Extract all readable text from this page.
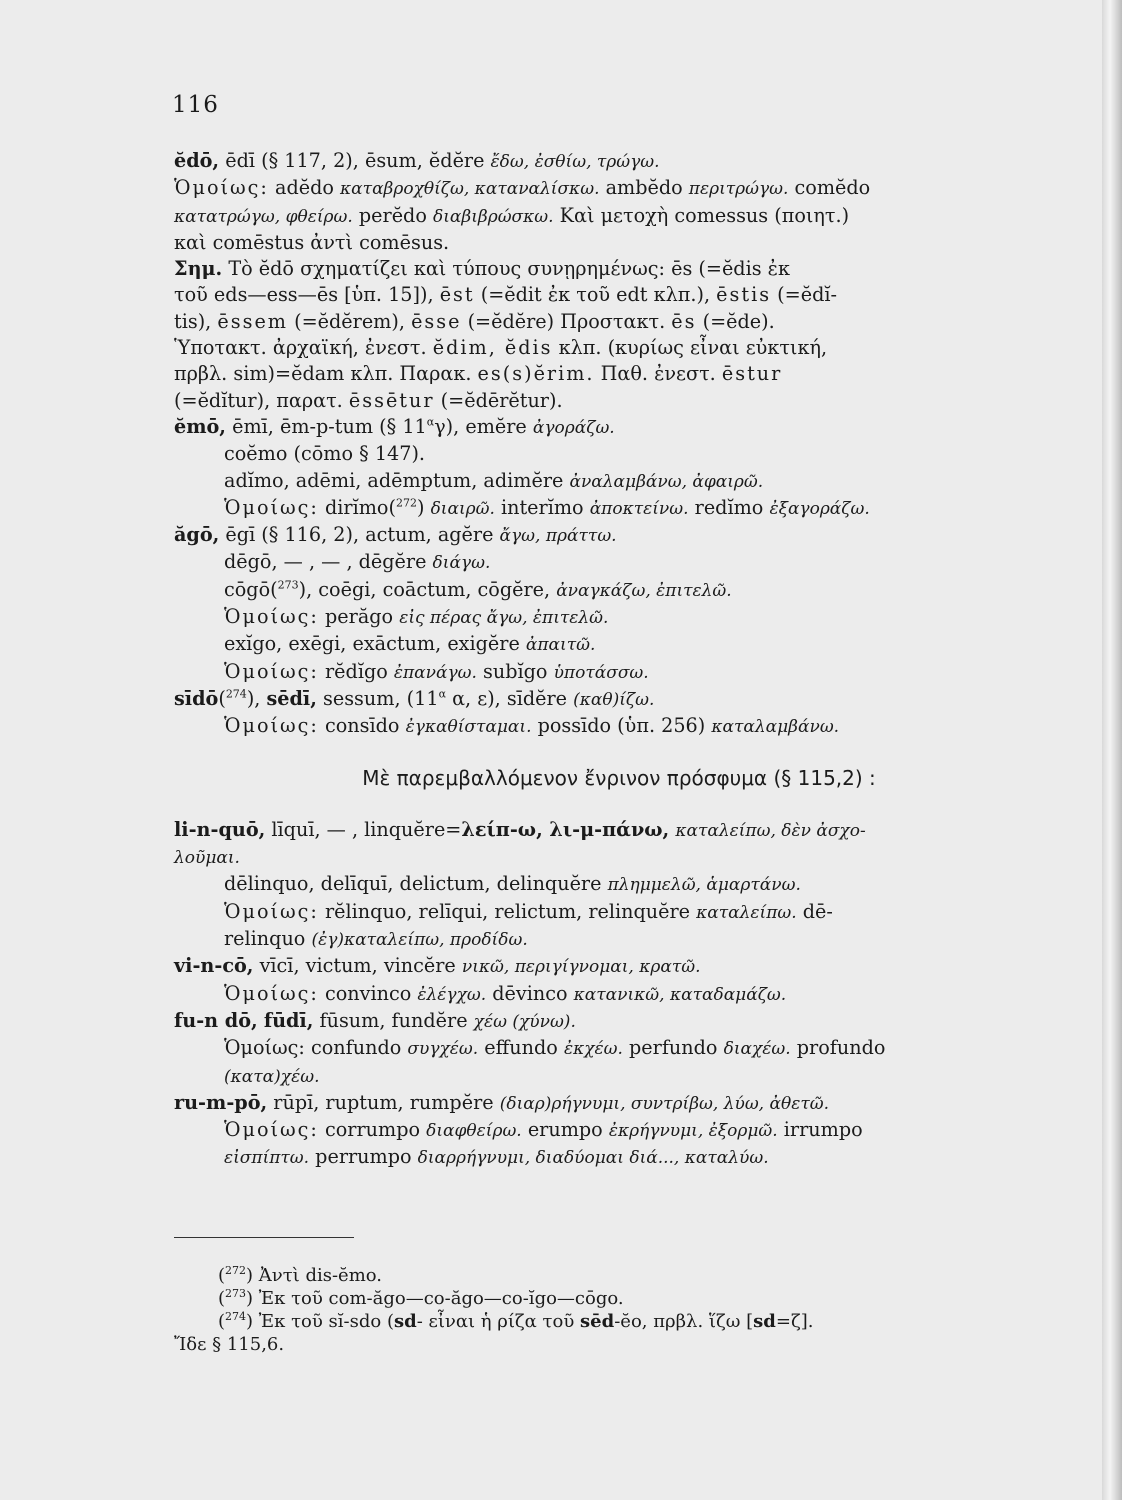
116
ĕdō, ēdī (§ 117, 2), ēsum, ĕdĕre ἔδω, ἐσθίω, τρώγω.
Ὁμοίως: adĕdo καταβροχθίζω, καταναλίσκω. ambĕdo περιτρώγω. comĕdo
κατατρώγω, φθείρω. perĕdo διαβιβρώσκω. Καὶ μετοχὴ comessus (ποιητ.)
καὶ comēstus ἀντὶ comēsus.
Σημ. Τὸ ĕdō σχηματίζει καὶ τύπους συνῃρημένως: ēs (=ĕdis ἐκ
τοῦ eds—ess—ēs [ὑπ. 15]), ēst (=ĕdit ἐκ τοῦ edt κλπ.), ēstis (=ĕdĭ-
tis), ēssem (=ĕdĕrem), ēsse (=ĕdĕre) Προστακτ. ēs (=ĕde).
Ὑποτακτ. ἀρχαϊκή, ἐνεστ. ĕdim, ĕdis κλπ. (κυρίως εἶναι εὐκτική,
πρβλ. sim)=ĕdam κλπ. Παρακ. es(s)ĕrim. Παθ. ἐνεστ. ēstur
(=ĕdĭtur), παρατ. ēssētur (=ĕdērĕtur).
ĕmō, ēmī, ēm-p-tum (§ $11^\alpha\gamma$), emĕre ἀγοράζω.
coĕmo (cōmo § 147).
adĭmo, adēmi, adēmptum, adimĕre ἀναλαμβάνω, ἀφαιρῶ.
Ὁμοίως: dirĭmo($^{272}$) διαιρῶ. interĭmo ἀποκτείνω. redĭmo ἐξαγοράζω.
ăgō, ēgī (§ 116, 2), actum, agĕre ἄγω, πράττω.
dēgō, — , — , dēgĕre διάγω.
cōgō($^{273}$), coēgi, coāctum, cōgĕre, ἀναγκάζω, ἐπιτελῶ.
Ὁμοίως: perăgo εἰς πέρας ἄγω, ἐπιτελῶ.
exĭgo, exēgi, exāctum, exigĕre ἀπαιτῶ.
Ὁμοίως: rĕdĭgo ἐπανάγω. subĭgo ὑποτάσσω.
sīdō($^{274}$), sēdī, sessum, ($11^\alpha$ α, ε), sīdĕre (καθ)ίζω.
Ὁμοίως: consīdo ἐγκαθίσταμαι. possīdo (ὑπ. 256) καταλαμβάνω.
Μὲ παρεμβαλλόμενον ἔνρινον πρόσφυμα (§ 115,2) :
li-n-quō, līquī, — , linquĕre=λείπ-ω, λι-μ-πάνω, καταλείπω, δὲν ἀσχο-
λοῦμαι.
dēlinquo, delīquī, delictum, delinquĕre πλημμελῶ, ἁμαρτάνω.
Ὁμοίως: rĕlinquo, relīqui, relictum, relinquĕre καταλείπω. dē-
relinquo (ἐγ)καταλείπω, προδίδω.
vi-n-cō, vīcī, victum, vincĕre νικῶ, περιγίγνομαι, κρατῶ.
Ὁμοίως: convinco ἐλέγχω. dēvinco κατανικῶ, καταδαμάζω.
fu-n dō, fūdī, fūsum, fundĕre χέω (χύνω).
Ὁμοίως: confundo συγχέω. effundo ἐκχέω. perfundo διαχέω. profundo
(κατα)χέω.
ru-m-pō, rūpī, ruptum, rumpĕre (διαρ)ρήγνυμι, συντρίβω, λύω, ἀθετῶ.
Ὁμοίως: corrumpo διαφθείρω. erumpo ἐκρήγνυμι, ἐξορμῶ. irrumpo
εἰσπίπτω. perrumpo διαρρήγνυμι, διαδύομαι διά..., καταλύω.
($^{272}$) Ἀντὶ dis-ĕmo.
($^{273}$) Ἐκ τοῦ com-ăgo—co-ăgo—co-ĭgo—cōgo.
($^{274}$) Ἐκ τοῦ sĭ-sdo (sd- εἶναι ἡ ρίζα τοῦ sēd-ĕo, πρβλ. ἵζω [sd=ζ].
Ἴδε § 115,6.
